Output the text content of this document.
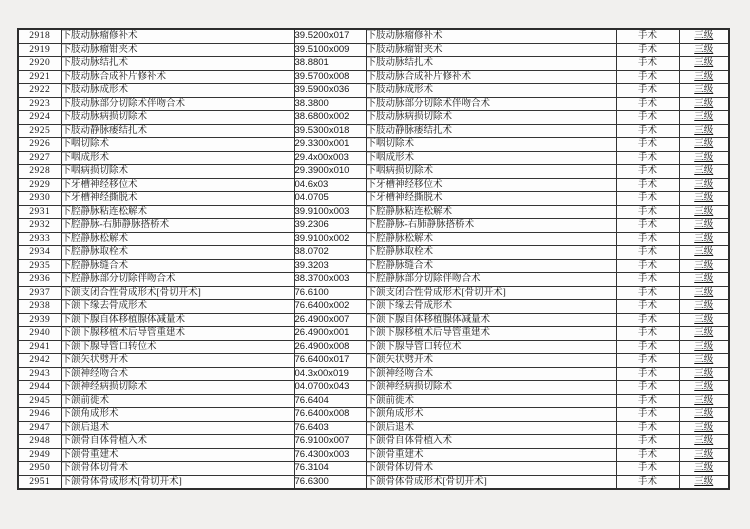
2918	下肢动脉瘤修补术	39.5200x017	下肢动脉瘤修补术	手术	三级
2919	下肢动脉瘤钳夹术	39.5100x009	下肢动脉瘤钳夹术	手术	三级
2920	下肢动脉结扎术	38.8801	下肢动脉结扎术	手术	三级
2921	下肢动脉合成补片修补术	39.5700x008	下肢动脉合成补片修补术	手术	三级
2922	下肢动脉成形术	39.5900x036	下肢动脉成形术	手术	三级
2923	下肢动脉部分切除术伴吻合术	38.3800	下肢动脉部分切除术伴吻合术	手术	三级
2924	下肢动脉病损切除术	38.6800x002	下肢动脉病损切除术	手术	三级
2925	下肢动静脉瘘结扎术	39.5300x018	下肢动静脉瘘结扎术	手术	三级
2926	下咽切除术	29.3300x001	下咽切除术	手术	三级
2927	下咽成形术	29.4x00x003	下咽成形术	手术	三级
2928	下咽病损切除术	29.3900x010	下咽病损切除术	手术	三级
2929	下牙槽神经移位术	04.6x03	下牙槽神经移位术	手术	三级
2930	下牙槽神经撕脱术	04.0705	下牙槽神经撕脱术	手术	三级
2931	下腔静脉粘连松解术	39.9100x003	下腔静脉粘连松解术	手术	三级
2932	下腔静脉-右肺静脉搭桥术	39.2306	下腔静脉-右肺静脉搭桥术	手术	三级
2933	下腔静脉松解术	39.9100x002	下腔静脉松解术	手术	三级
2934	下腔静脉取栓术	38.0702	下腔静脉取栓术	手术	三级
2935	下腔静脉缝合术	39.3203	下腔静脉缝合术	手术	三级
2936	下腔静脉部分切除伴吻合术	38.3700x003	下腔静脉部分切除伴吻合术	手术	三级
2937	下颌支闭合性骨成形术[骨切开术]	76.6100	下颌支闭合性骨成形术[骨切开术]	手术	三级
2938	下颌下缘去骨成形术	76.6400x002	下颌下缘去骨成形术	手术	三级
2939	下颌下腺自体移植腺体减量术	26.4900x007	下颌下腺自体移植腺体减量术	手术	三级
2940	下颌下腺移植术后导管重建术	26.4900x001	下颌下腺移植术后导管重建术	手术	三级
2941	下颌下腺导管口转位术	26.4900x008	下颌下腺导管口转位术	手术	三级
2942	下颌矢状劈开术	76.6400x017	下颌矢状劈开术	手术	三级
2943	下颌神经吻合术	04.3x00x019	下颌神经吻合术	手术	三级
2944	下颌神经病损切除术	04.0700x043	下颌神经病损切除术	手术	三级
2945	下颌前徙术	76.6404	下颌前徙术	手术	三级
2946	下颌角成形术	76.6400x008	下颌角成形术	手术	三级
2947	下颌后退术	76.6403	下颌后退术	手术	三级
2948	下颌骨自体骨植入术	76.9100x007	下颌骨自体骨植入术	手术	三级
2949	下颌骨重建术	76.4300x003	下颌骨重建术	手术	三级
2950	下颌骨体切骨术	76.3104	下颌骨体切骨术	手术	三级
2951	下颌骨体骨成形术[骨切开术]	76.6300	下颌骨体骨成形术[骨切开术]	手术	三级
